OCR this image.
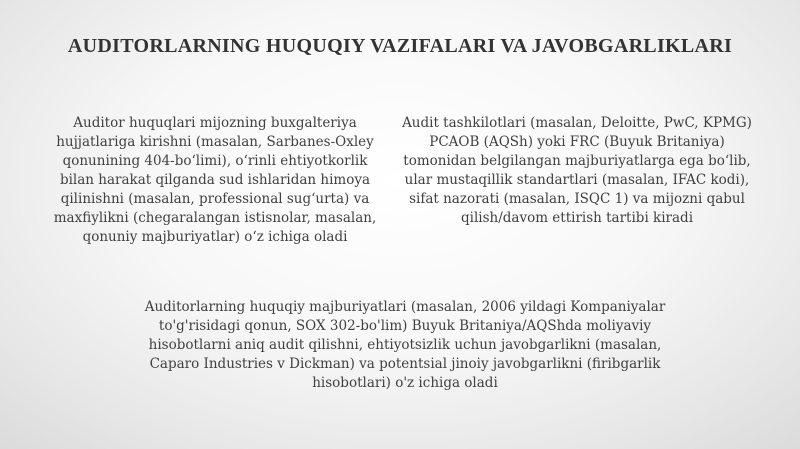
AUDITORLARNING HUQUQIY VAZIFALARI VA JAVOBGARLIKLARI
Auditor huquqlari mijozning buxgalteriya hujjatlariga kirishni (masalan, Sarbanes-Oxley qonunining 404-bo‘limi), o‘rinli ehtiyotkorlik bilan harakat qilganda sud ishlaridan himoya qilinishni (masalan, professional sug‘urta) va maxfiylikni (chegaralangan istisnolar, masalan, qonuniy majburiyatlar) o‘z ichiga oladi
Audit tashkilotlari (masalan, Deloitte, PwC, KPMG) PCAOB (AQSh) yoki FRC (Buyuk Britaniya) tomonidan belgilangan majburiyatlarga ega bo‘lib, ular mustaqillik standartlari (masalan, IFAC kodi), sifat nazorati (masalan, ISQC 1) va mijozni qabul qilish/davom ettirish tartibi kiradi
Auditorlarning huquqiy majburiyatlari (masalan, 2006 yildagi Kompaniyalar to'g'risidagi qonun, SOX 302-bo'lim) Buyuk Britaniya/AQShda moliyaviy hisobotlarni aniq audit qilishni, ehtiyotsizlik uchun javobgarlikni (masalan, Caparo Industries v Dickman) va potentsial jinoiy javobgarlikni (firibgarlik hisobotlari) o'z ichiga oladi
